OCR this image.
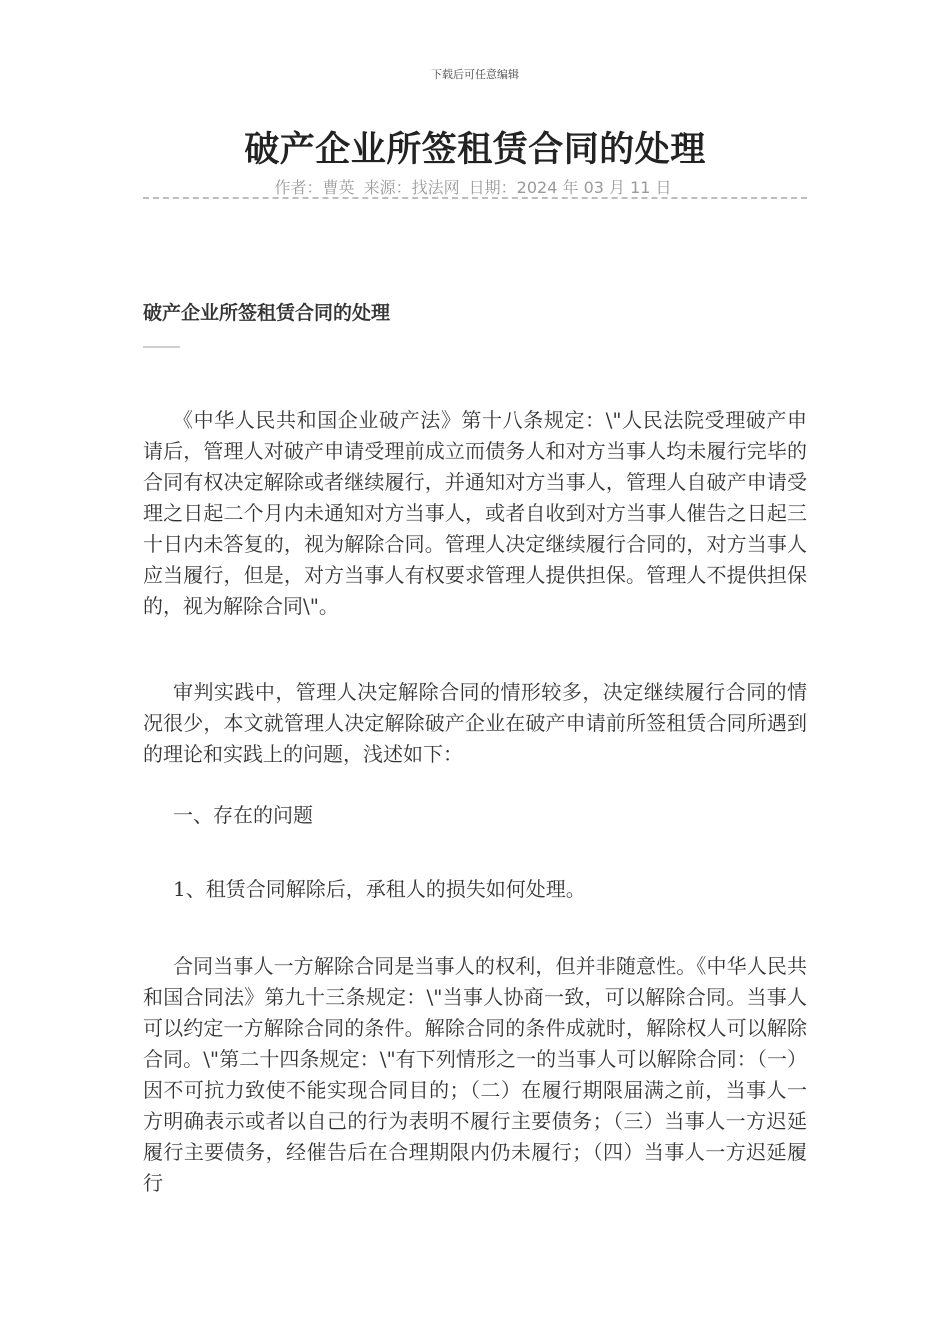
下载后可任意编辑
破产企业所签租赁合同的处理
作者：曹英 来源：找法网 日期：2024 年 03 月 11 日
破产企业所签租赁合同的处理

《中华人民共和国企业破产法》第十八条规定：\"人民法院受理破产申请后，管理人对破产申请受理前成立而债务人和对方当事人均未履行完毕的合同有权决定解除或者继续履行，并通知对方当事人，管理人自破产申请受理之日起二个月内未通知对方当事人，或者自收到对方当事人催告之日起三十日内未答复的，视为解除合同。管理人决定继续履行合同的，对方当事人应当履行，但是，对方当事人有权要求管理人提供担保。管理人不提供担保的，视为解除合同\"。

审判实践中，管理人决定解除合同的情形较多，决定继续履行合同的情况很少，本文就管理人决定解除破产企业在破产申请前所签租赁合同所遇到的理论和实践上的问题，浅述如下：

一、存在的问题

1、租赁合同解除后，承租人的损失如何处理。

合同当事人一方解除合同是当事人的权利，但并非随意性。《中华人民共和国合同法》第九十三条规定：\"当事人协商一致，可以解除合同。当事人可以约定一方解除合同的条件。解除合同的条件成就时，解除权人可以解除合同。\"第二十四条规定：\"有下列情形之一的当事人可以解除合同：（一）因不可抗力致使不能实现合同目的；（二）在履行期限届满之前，当事人一方明确表示或者以自己的行为表明不履行主要债务；（三）当事人一方迟延履行主要债务，经催告后在合理期限内仍未履行；（四）当事人一方迟延履行
